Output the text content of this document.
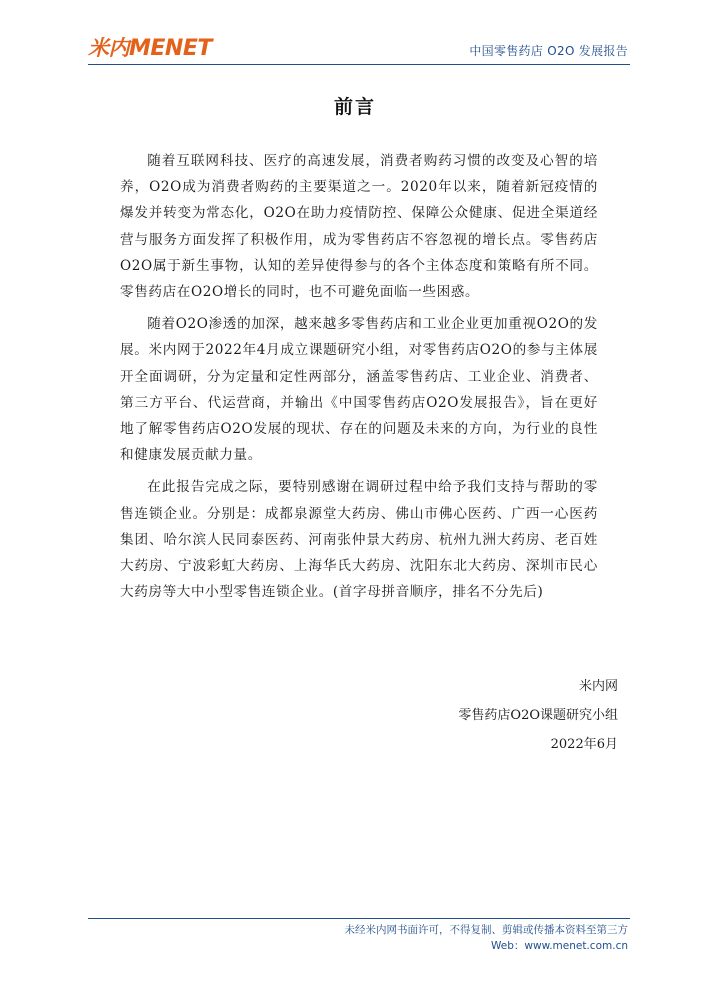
米内 MENET	中国零售药店 O2O 发展报告
前言

随着互联网科技、医疗的高速发展，消费者购药习惯的改变及心智的培养，O2O成为消费者购药的主要渠道之一。2020年以来，随着新冠疫情的爆发并转变为常态化，O2O在助力疫情防控、保障公众健康、促进全渠道经营与服务方面发挥了积极作用，成为零售药店不容忽视的增长点。零售药店O2O属于新生事物，认知的差异使得参与的各个主体态度和策略有所不同。零售药店在O2O增长的同时，也不可避免面临一些困惑。

随着O2O渗透的加深，越来越多零售药店和工业企业更加重视O2O的发展。米内网于2022年4月成立课题研究小组，对零售药店O2O的参与主体展开全面调研，分为定量和定性两部分，涵盖零售药店、工业企业、消费者、第三方平台、代运营商，并输出《中国零售药店O2O发展报告》，旨在更好地了解零售药店O2O发展的现状、存在的问题及未来的方向，为行业的良性和健康发展贡献力量。

在此报告完成之际，要特别感谢在调研过程中给予我们支持与帮助的零售连锁企业。分别是：成都泉源堂大药房、佛山市佛心医药、广西一心医药集团、哈尔滨人民同泰医药、河南张仲景大药房、杭州九洲大药房、老百姓大药房、宁波彩虹大药房、上海华氏大药房、沈阳东北大药房、深圳市民心大药房等大中小型零售连锁企业。(首字母拼音顺序，排名不分先后)

米内网
零售药店O2O课题研究小组
2022年6月
未经米内网书面许可，不得复制、剪辑或传播本资料至第三方
Web：www.menet.com.cn
